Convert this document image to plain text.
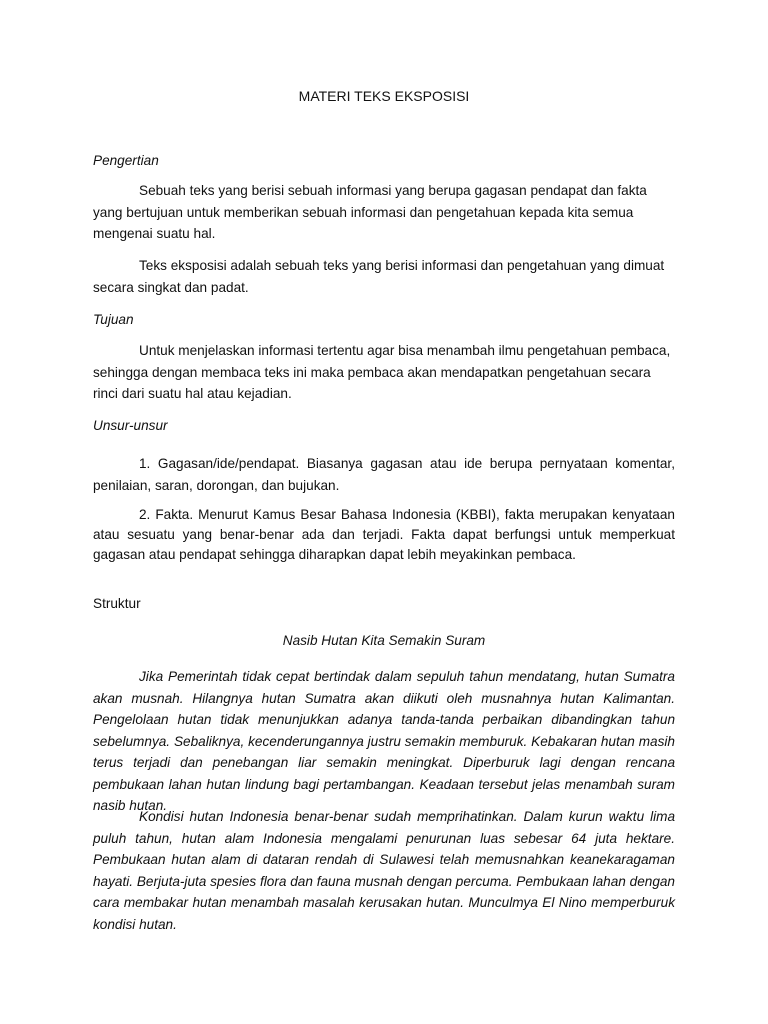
MATERI TEKS EKSPOSISI
Pengertian

Sebuah teks yang berisi sebuah informasi yang berupa gagasan pendapat dan fakta yang bertujuan untuk memberikan sebuah informasi dan pengetahuan kepada kita semua mengenai suatu hal.

Teks eksposisi adalah sebuah teks yang berisi informasi dan pengetahuan yang dimuat secara singkat dan padat.

Tujuan

Untuk menjelaskan informasi tertentu agar bisa menambah ilmu pengetahuan pembaca, sehingga dengan membaca teks ini maka pembaca akan mendapatkan pengetahuan secara rinci dari suatu hal atau kejadian.

Unsur-unsur

1. Gagasan/ide/pendapat. Biasanya gagasan atau ide berupa pernyataan komentar, penilaian, saran, dorongan, dan bujukan.

2. Fakta. Menurut Kamus Besar Bahasa Indonesia (KBBI), fakta merupakan kenyataan atau sesuatu yang benar-benar ada dan terjadi. Fakta dapat berfungsi untuk memperkuat gagasan atau pendapat sehingga diharapkan dapat lebih meyakinkan pembaca.

Struktur
Nasib Hutan Kita Semakin Suram

Jika Pemerintah tidak cepat bertindak dalam sepuluh tahun mendatang, hutan Sumatra akan musnah. Hilangnya hutan Sumatra akan diikuti oleh musnahnya hutan Kalimantan. Pengelolaan hutan tidak menunjukkan adanya tanda-tanda perbaikan dibandingkan tahun sebelumnya. Sebaliknya, kecenderungannya justru semakin memburuk. Kebakaran hutan masih terus terjadi dan penebangan liar semakin meningkat. Diperburuk lagi dengan rencana pembukaan lahan hutan lindung bagi pertambangan. Keadaan tersebut jelas menambah suram nasib hutan.

Kondisi hutan Indonesia benar-benar sudah memprihatinkan. Dalam kurun waktu lima puluh tahun, hutan alam Indonesia mengalami penurunan luas sebesar 64 juta hektare. Pembukaan hutan alam di dataran rendah di Sulawesi telah memusnahkan keanekaragaman hayati. Berjuta-juta spesies flora dan fauna musnah dengan percuma. Pembukaan lahan dengan cara membakar hutan menambah masalah kerusakan hutan. Munculmya El Nino memperburuk kondisi hutan.
